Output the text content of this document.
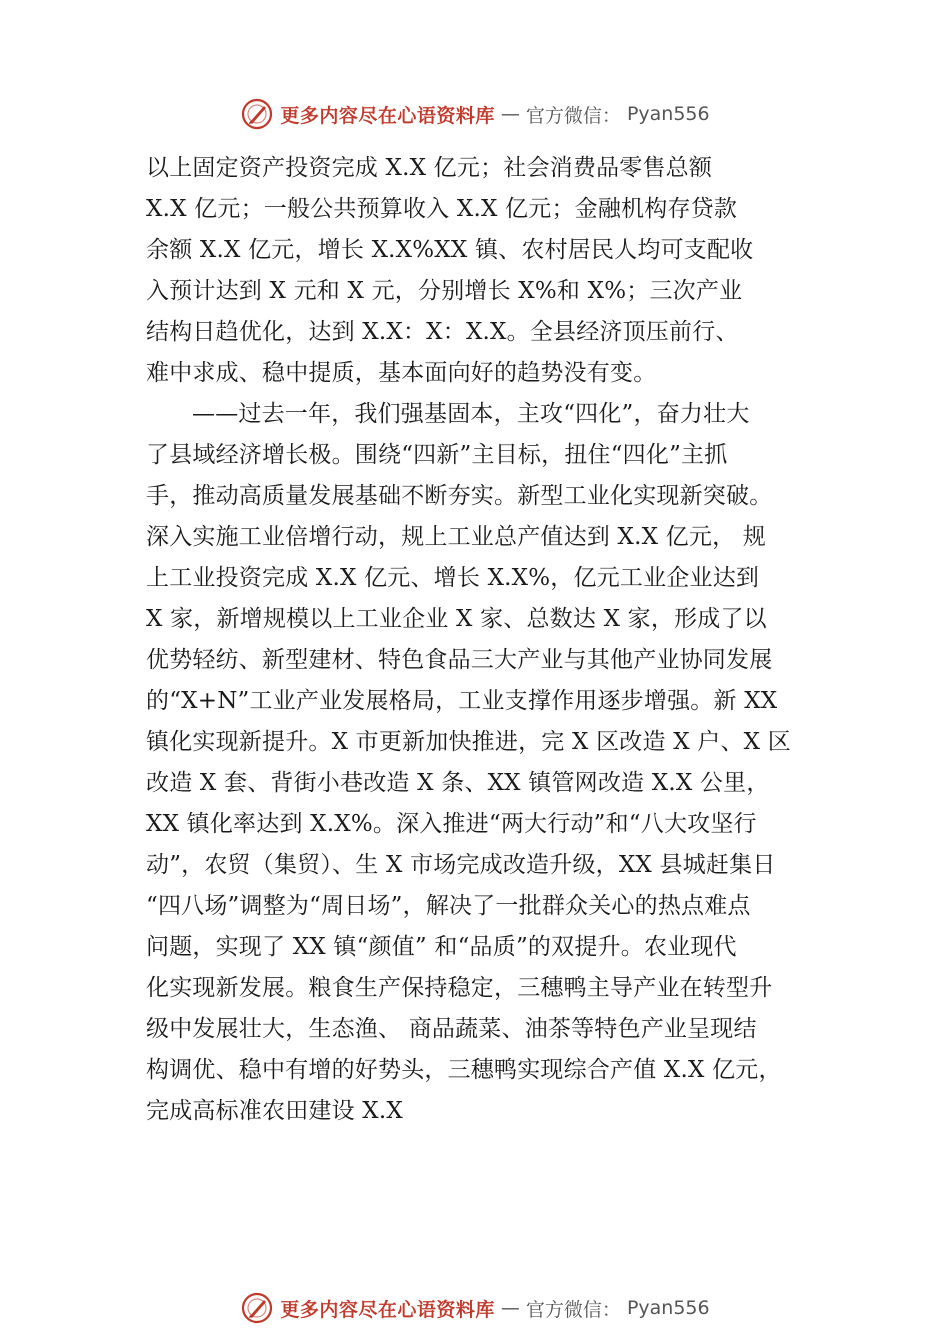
更多内容尽在心语资料库 — 官方微信： Pyan556
以上固定资产投资完成 X.X 亿元；社会消费品零售总额
X.X 亿元；一般公共预算收入 X.X 亿元；金融机构存贷款
余额 X.X 亿元，增长 X.X%XX 镇、农村居民人均可支配收
入预计达到 X 元和 X 元，分别增长 X%和 X%；三次产业
结构日趋优化，达到 X.X：X：X.X。全县经济顶压前行、
难中求成、稳中提质，基本面向好的趋势没有变。
——过去一年，我们强基固本，主攻“四化”，奋力壮大
了县域经济增长极。围绕“四新”主目标，扭住“四化”主抓
手，推动高质量发展基础不断夯实。新型工业化实现新突破。
深入实施工业倍增行动，规上工业总产值达到 X.X 亿元， 规
上工业投资完成 X.X 亿元、增长 X.X%，亿元工业企业达到
X 家，新增规模以上工业企业 X 家、总数达 X 家，形成了以
优势轻纺、新型建材、特色食品三大产业与其他产业协同发展
的“X+N”工业产业发展格局，工业支撑作用逐步增强。新 XX
镇化实现新提升。X 市更新加快推进，完 X 区改造 X 户、X 区
改造 X 套、背街小巷改造 X 条、XX 镇管网改造 X.X 公里，
XX 镇化率达到 X.X%。深入推进“两大行动”和“八大攻坚行
动”，农贸（集贸）、生 X 市场完成改造升级，XX 县城赶集日
“四八场”调整为“周日场”，解决了一批群众关心的热点难点
问题，实现了 XX 镇“颜值” 和“品质”的双提升。农业现代
化实现新发展。粮食生产保持稳定，三穗鸭主导产业在转型升
级中发展壮大，生态渔、 商品蔬菜、油茶等特色产业呈现结
构调优、稳中有增的好势头，三穗鸭实现综合产值 X.X 亿元，
完成高标准农田建设 X.X
更多内容尽在心语资料库 — 官方微信： Pyan556
